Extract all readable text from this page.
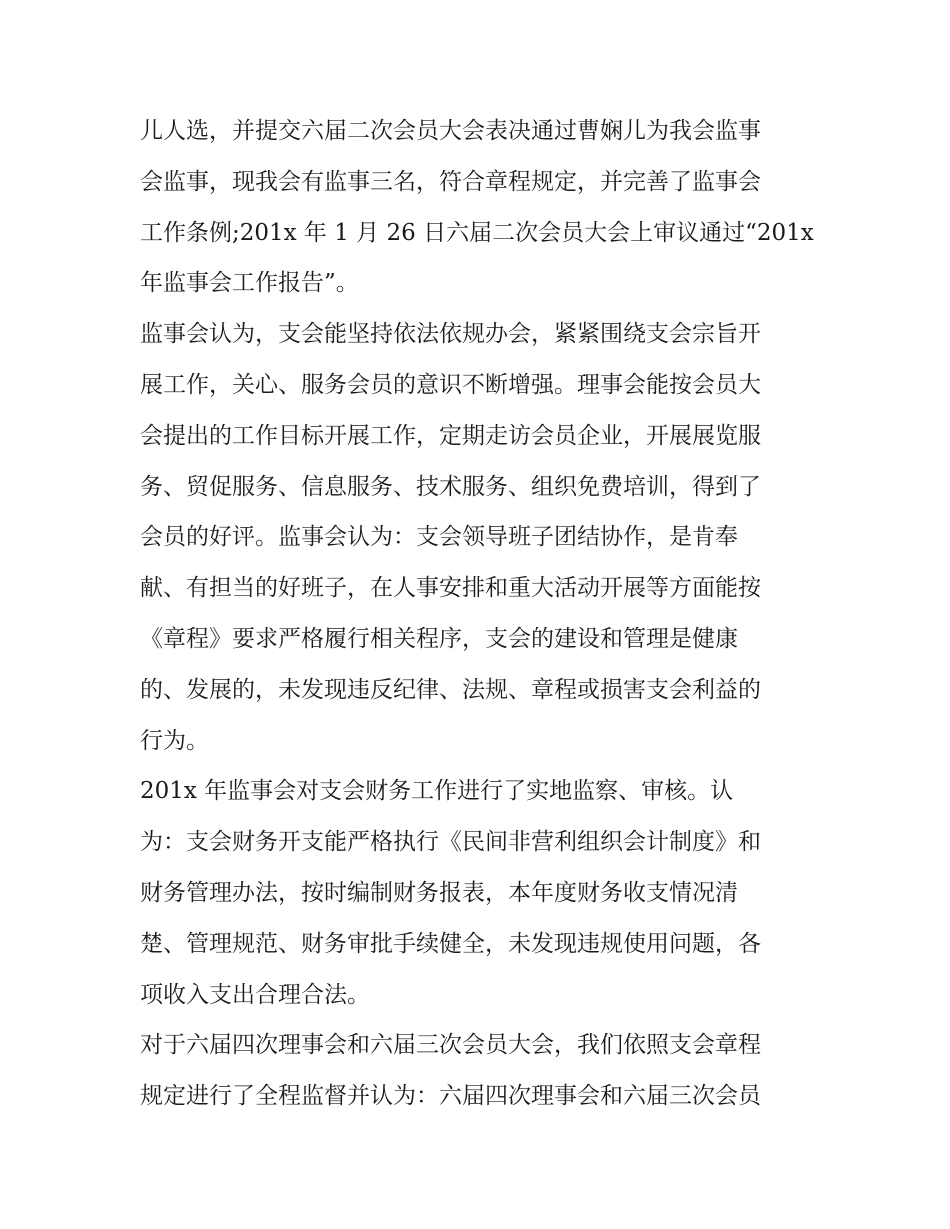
儿人选，并提交六届二次会员大会表决通过曹娴儿为我会监事
会监事，现我会有监事三名，符合章程规定，并完善了监事会
工作条例;201x 年 1 月 26 日六届二次会员大会上审议通过“201x
年监事会工作报告”。
监事会认为，支会能坚持依法依规办会，紧紧围绕支会宗旨开
展工作，关心、服务会员的意识不断增强。理事会能按会员大
会提出的工作目标开展工作，定期走访会员企业，开展展览服
务、贸促服务、信息服务、技术服务、组织免费培训，得到了
会员的好评。监事会认为：支会领导班子团结协作，是肯奉
献、有担当的好班子，在人事安排和重大活动开展等方面能按
《章程》要求严格履行相关程序，支会的建设和管理是健康
的、发展的，未发现违反纪律、法规、章程或损害支会利益的
行为。
201x 年监事会对支会财务工作进行了实地监察、审核。认
为：支会财务开支能严格执行《民间非营利组织会计制度》和
财务管理办法，按时编制财务报表，本年度财务收支情况清
楚、管理规范、财务审批手续健全，未发现违规使用问题，各
项收入支出合理合法。
对于六届四次理事会和六届三次会员大会，我们依照支会章程
规定进行了全程监督并认为：六届四次理事会和六届三次会员
